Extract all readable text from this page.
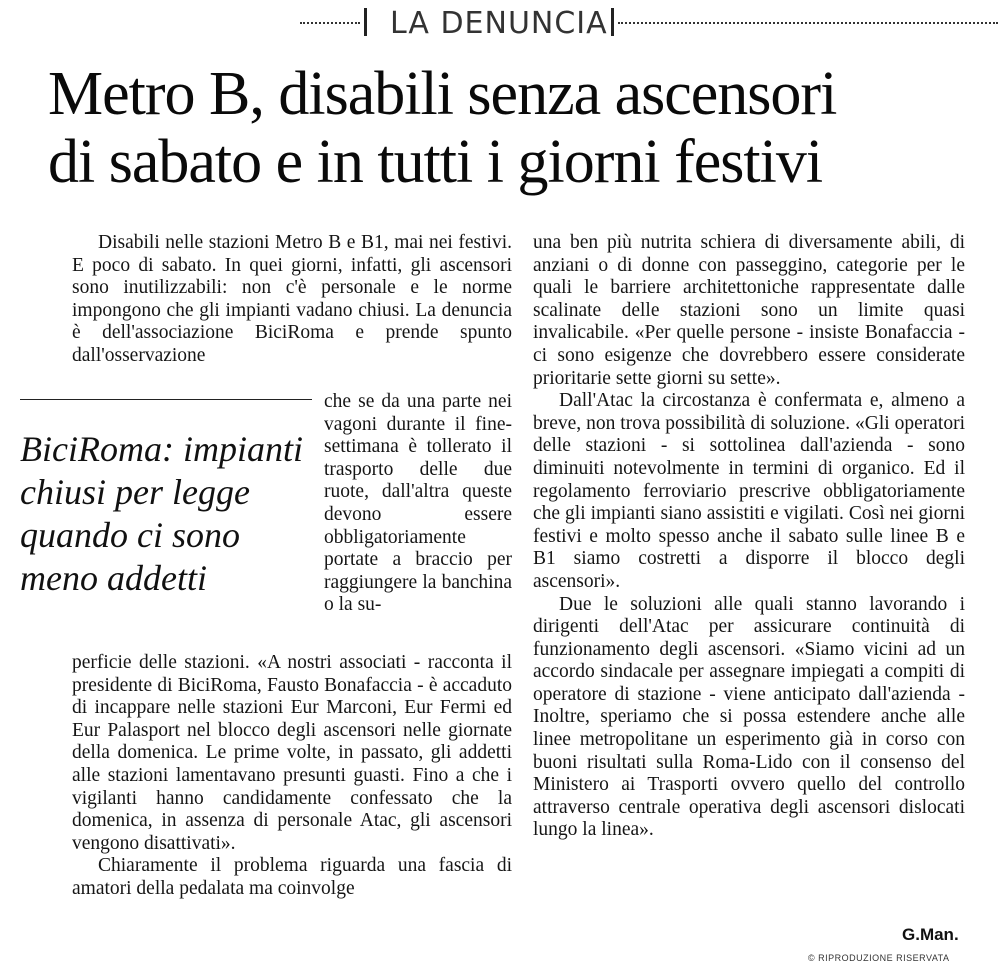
LA DENUNCIA
Metro B, disabili senza ascensori
di sabato e in tutti i giorni festivi

Disabili nelle stazioni Metro B e B1, mai nei festivi. E poco di sabato. In quei giorni, infatti, gli ascensori sono inutilizzabili: non c'è personale e le norme impongono che gli impianti vadano chiusi. La denuncia è dell'associazione BiciRoma e prende spunto dall'osservazione

BiciRoma: impianti chiusi per legge quando ci sono meno addetti

che se da una parte nei vagoni durante il fine-settimana è tollerato il trasporto delle due ruote, dall'altra queste devono essere obbligatoriamente portate a braccio per raggiungere la banchina o la su-

perficie delle stazioni. «A nostri associati - racconta il presidente di BiciRoma, Fausto Bonafaccia - è accaduto di incappare nelle stazioni Eur Marconi, Eur Fermi ed Eur Palasport nel blocco degli ascensori nelle giornate della domenica. Le prime volte, in passato, gli addetti alle stazioni lamentavano presunti guasti. Fino a che i vigilanti hanno candidamente confessato che la domenica, in assenza di personale Atac, gli ascensori vengono disattivati».

Chiaramente il problema riguarda una fascia di amatori della pedalata ma coinvolge

una ben più nutrita schiera di diversamente abili, di anziani o di donne con passeggino, categorie per le quali le barriere architettoniche rappresentate dalle scalinate delle stazioni sono un limite quasi invalicabile. «Per quelle persone - insiste Bonafaccia - ci sono esigenze che dovrebbero essere considerate prioritarie sette giorni su sette».

Dall'Atac la circostanza è confermata e, almeno a breve, non trova possibilità di soluzione. «Gli operatori delle stazioni - si sottolinea dall'azienda - sono diminuiti notevolmente in termini di organico. Ed il regolamento ferroviario prescrive obbligatoriamente che gli impianti siano assistiti e vigilati. Così nei giorni festivi e molto spesso anche il sabato sulle linee B e B1 siamo costretti a disporre il blocco degli ascensori».

Due le soluzioni alle quali stanno lavorando i dirigenti dell'Atac per assicurare continuità di funzionamento degli ascensori. «Siamo vicini ad un accordo sindacale per assegnare impiegati a compiti di operatore di stazione - viene anticipato dall'azienda - Inoltre, speriamo che si possa estendere anche alle linee metropolitane un esperimento già in corso con buoni risultati sulla Roma-Lido con il consenso del Ministero ai Trasporti ovvero quello del controllo attraverso centrale operativa degli ascensori dislocati lungo la linea».

G.Man.
© RIPRODUZIONE RISERVATA
